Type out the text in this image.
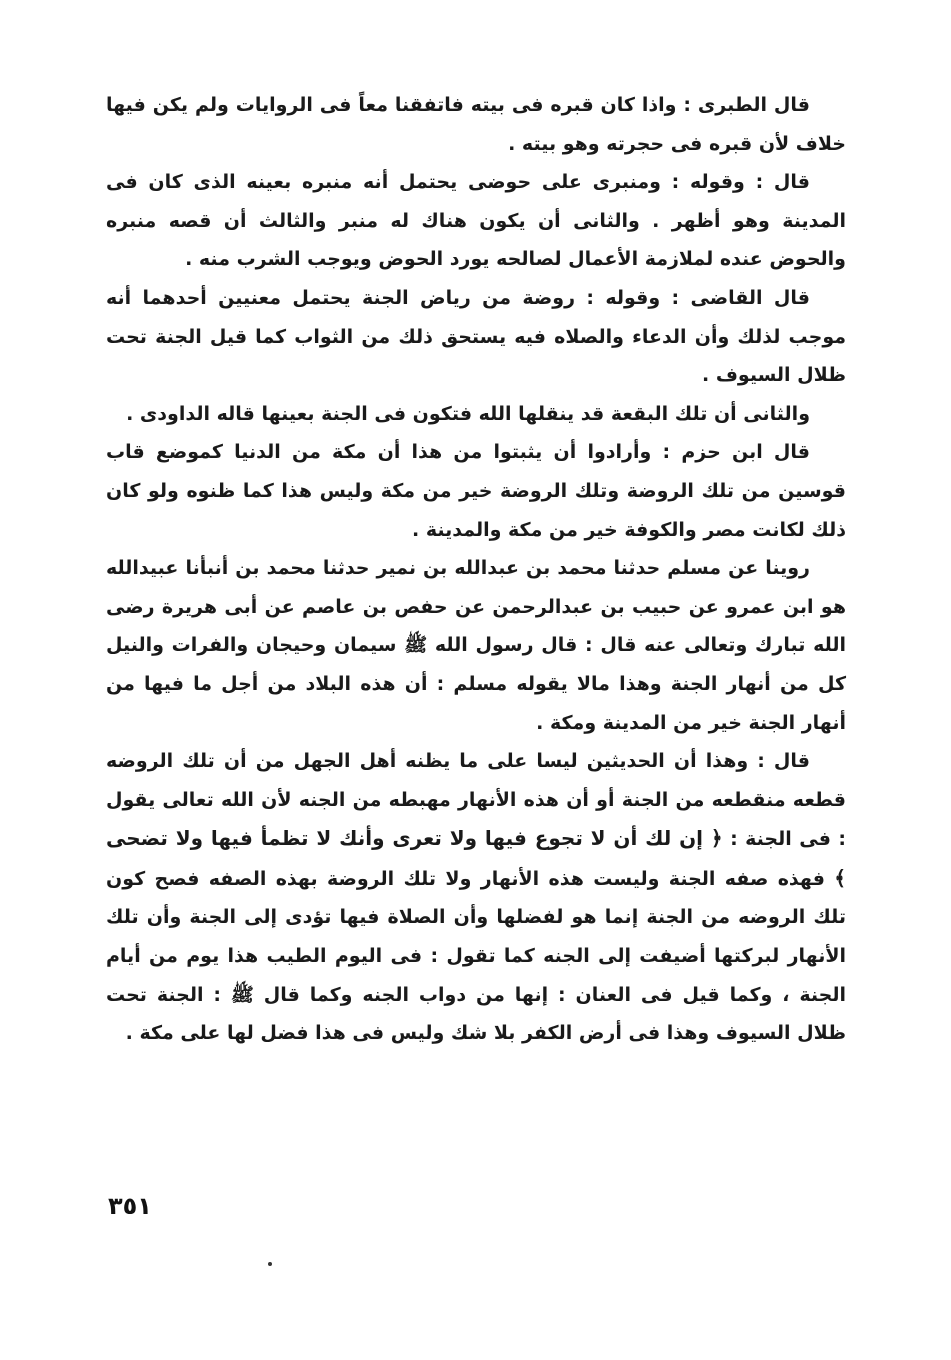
قال الطبرى : واذا كان قبره فى بيته فاتفقنا معاً فى الروايات ولم يكن فيها خلاف لأن قبره فى حجرته وهو بيته .

قال : وقوله : ومنبرى على حوضى يحتمل أنه منبره بعينه الذى كان فى المدينة وهو أظهر . والثانى أن يكون هناك له منبر والثالث أن قصه منبره والحوض عنده لملازمة الأعمال لصالحه يورد الحوض ويوجب الشرب منه .

قال القاضى : وقوله : روضة من رياض الجنة يحتمل معنيين أحدهما أنه موجب لذلك وأن الدعاء والصلاه فيه يستحق ذلك من الثواب كما قيل الجنة تحت ظلال السيوف .

والثانى أن تلك البقعة قد ينقلها الله فتكون فى الجنة بعينها قاله الداودى .

قال ابن حزم : وأرادوا أن يثبتوا من هذا أن مكة من الدنيا كموضع قاب قوسين من تلك الروضة وتلك الروضة خير من مكة وليس هذا كما ظنوه ولو كان ذلك لكانت مصر والكوفة خير من مكة والمدينة .

روينا عن مسلم حدثنا محمد بن عبدالله بن نمير حدثنا محمد بن أنبأنا عبيدالله هو ابن عمرو عن حبيب بن عبدالرحمن عن حفص بن عاصم عن أبى هريرة رضى الله تبارك وتعالى عنه قال : قال رسول الله ﷺ سيمان وحيجان والفرات والنيل كل من أنهار الجنة وهذا مالا يقوله مسلم : أن هذه البلاد من أجل ما فيها من أنهار الجنة خير من المدينة ومكة .

قال : وهذا أن الحديثين ليسا على ما يظنه أهل الجهل من أن تلك الروضه قطعه منقطعه من الجنة أو أن هذه الأنهار مهبطه من الجنه لأن الله تعالى يقول : فى الجنة : ﴿ إن لك أن لا تجوع فيها ولا تعرى وأنك لا تظمأ فيها ولا تضحى ﴾ فهذه صفه الجنة وليست هذه الأنهار ولا تلك الروضة بهذه الصفه فصح كون تلك الروضه من الجنة إنما هو لفضلها وأن الصلاة فيها تؤدى إلى الجنة وأن تلك الأنهار لبركتها أضيفت إلى الجنه كما تقول : فى اليوم الطيب هذا يوم من أيام الجنة ، وكما قيل فى العنان : إنها من دواب الجنه وكما قال ﷺ : الجنة تحت ظلال السيوف وهذا فى أرض الكفر بلا شك وليس فى هذا فضل لها على مكة .

٣٥١
